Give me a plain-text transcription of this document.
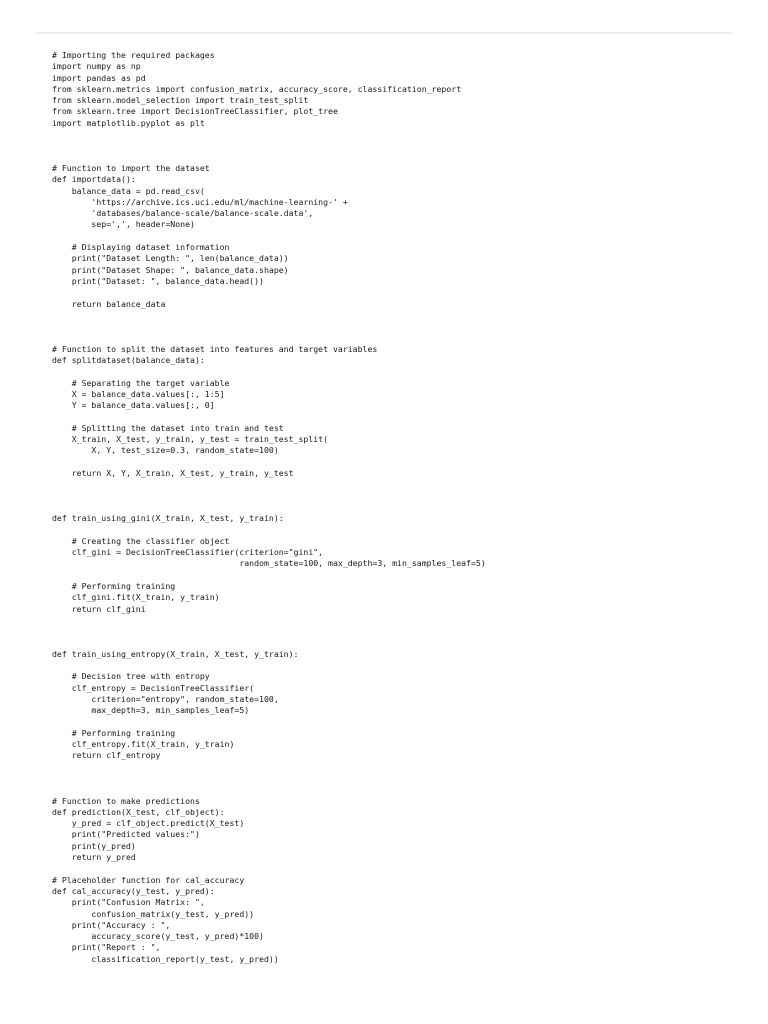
# Importing the required packages
import numpy as np
import pandas as pd
from sklearn.metrics import confusion_matrix, accuracy_score, classification_report
from sklearn.model_selection import train_test_split
from sklearn.tree import DecisionTreeClassifier, plot_tree
import matplotlib.pyplot as plt
# Function to import the dataset
def importdata():
balance_data = pd.read_csv(
'https://archive.ics.uci.edu/ml/machine-learning-' +
'databases/balance-scale/balance-scale.data',
sep=',', header=None)
# Displaying dataset information
print("Dataset Length: ", len(balance_data))
print("Dataset Shape: ", balance_data.shape)
print("Dataset: ", balance_data.head())
return balance_data
# Function to split the dataset into features and target variables
def splitdataset(balance_data):
# Separating the target variable
X = balance_data.values[:, 1:5]
Y = balance_data.values[:, 0]
# Splitting the dataset into train and test
X_train, X_test, y_train, y_test = train_test_split(
X, Y, test_size=0.3, random_state=100)
return X, Y, X_train, X_test, y_train, y_test
def train_using_gini(X_train, X_test, y_train):
# Creating the classifier object
clf_gini = DecisionTreeClassifier(criterion="gini",
random_state=100, max_depth=3, min_samples_leaf=5)
# Performing training
clf_gini.fit(X_train, y_train)
return clf_gini
def train_using_entropy(X_train, X_test, y_train):
# Decision tree with entropy
clf_entropy = DecisionTreeClassifier(
criterion="entropy", random_state=100,
max_depth=3, min_samples_leaf=5)
# Performing training
clf_entropy.fit(X_train, y_train)
return clf_entropy
# Function to make predictions
def prediction(X_test, clf_object):
y_pred = clf_object.predict(X_test)
print("Predicted values:")
print(y_pred)
return y_pred
# Placeholder function for cal_accuracy
def cal_accuracy(y_test, y_pred):
print("Confusion Matrix: ",
confusion_matrix(y_test, y_pred))
print("Accuracy : ",
accuracy_score(y_test, y_pred)*100)
print("Report : ",
classification_report(y_test, y_pred))
